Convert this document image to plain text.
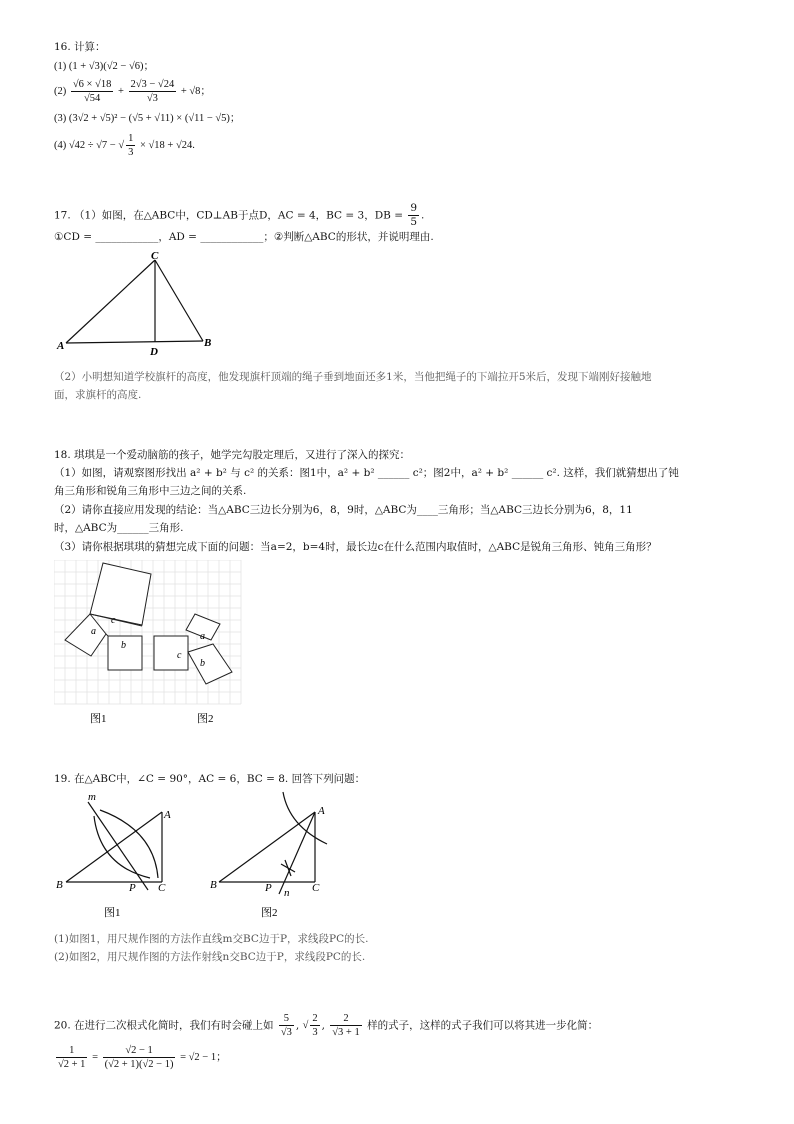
16. 计算：
(1) (1 + √3)(√2 − √6)；
$(2) \frac{√6 \times √18}{√54} + \frac{2√3 - √24}{√3} + √8$；
(3) (3√2 + √5)² − (√5 + √11) × (√11 − √5)；
(4) √42 ÷ √7 − √ $\frac{1}{3} \times √18 + √24$.
17. （1）如图，在△ABC中，CD⊥AB于点D，AC = 4，BC = 3，DB = $\frac{9}{5}$ .
①CD = ____________，AD = ____________；②判断△ABC的形状，并说明理由.
C
A	B
D
（2）小明想知道学校旗杆的高度，他发现旗杆顶端的绳子垂到地面还多1米，当他把绳子的下端拉开5米后，发现下端刚好接触地
面，求旗杆的高度.
18. 琪琪是一个爱动脑筋的孩子，她学完勾股定理后，又进行了深入的探究：
（1）如图，请观察图形找出 a² + b² 与 c² 的关系：图1中，a² + b² ______ c²；图2中，a² + b² ______ c². 这样，我们就猜想出了钝
角三角形和锐角三角形中三边之间的关系.
（2）请你直接应用发现的结论：当△ABC三边长分别为6，8，9时，△ABC为____三角形；当△ABC三边长分别为6，8，11
时，△ABC为______三角形.
（3）请你根据琪琪的猜想完成下面的问题：当a=2，b=4时，最长边c在什么范围内取值时，△ABC是锐角三角形、钝角三角形？
c
a
b
a
c
b
图1	图2
19. 在△ABC中，∠C = 90°，AC = 6，BC = 8. 回答下列问题：
m
A
B	P C
图1
A
B	P n C
图2
(1)如图1，用尺规作图的方法作直线m交BC边于P，求线段PC的长.
(2)如图2，用尺规作图的方法作射线n交BC边于P，求线段PC的长.
20. 在进行二次根式化简时，我们有时会碰上如 $\frac{5}{√3}$ , √ $\frac{2}{3}$ , $\frac{2}{√3 + 1}$ 样的式子，这样的式子我们可以将其进一步化简：
$\frac{1}{√2 + 1} = \frac{√2 - 1}{(√2 + 1)(√2 - 1)} = √2 - 1$；
